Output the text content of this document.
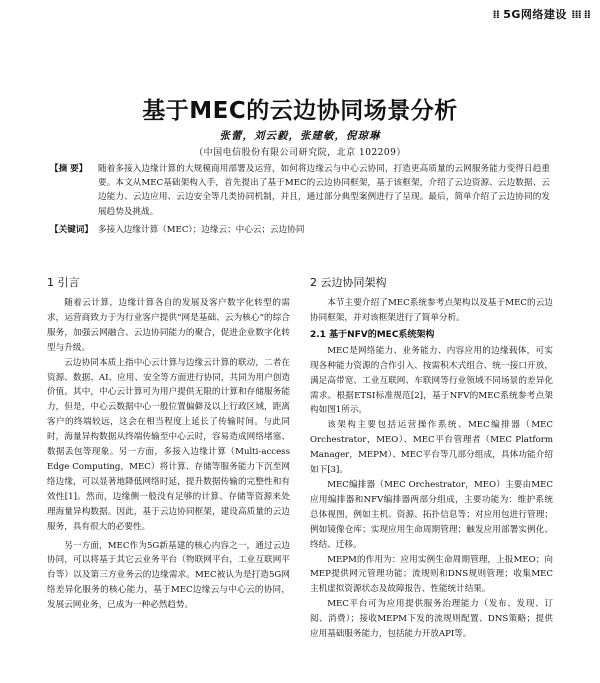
⁞⁞ 5G网络建设 ⁞⁞⁞ ⁞⁞
基于MEC的云边协同场景分析
张蕾，刘云毅，张建敏，倪琼琳
（中国电信股份有限公司研究院，北京 102209）
【摘 要】	随着多接入边缘计算的大规模商用部署及运营，如何将边缘云与中心云协同，打造更高质量的云网服务能力变得日趋重要。本文从MEC基础架构入手，首先提出了基于MEC的云边协同框架，基于该框架，介绍了云边资源、云边数据、云边能力、云边应用、云边安全等几类协同机制，并且，通过部分典型案例进行了呈现。最后，简单介绍了云边协同的发展趋势及挑战。
【关键词】 多接入边缘计算（MEC）；边缘云；中心云；云边协同
1 引言

随着云计算，边缘计算各自的发展及客户数字化转型的需求，运营商致力于为行业客户提供“网是基础、云为核心”的综合服务，加强云网融合、云边协同能力的聚合，促进企业数字化转型与升级。

云边协同本质上指中心云计算与边缘云计算的联动，二者在资源、数据、AI、应用、安全等方面进行协同，共同为用户创造价值。其中，中心云计算可为用户提供无限的计算和存储服务能力，但是，中心云数据中心一般位置偏僻及以上行政区域，距离客户的终端较远，这会在相当程度上延长了传输时间。与此同时，海量异构数据从终端传输至中心云时，容易造成网络堵塞、数据丢包等现象。另一方面，多接入边缘计算（Multi-access Edge Computing，MEC）将计算、存储等服务能力下沉至网络边缘，可以显著地降低网络时延，提升数据传输的完整性和有效性[1]。然而，边缘侧一般没有足够的计算、存储等资源来处理海量异构数据。因此，基于云边协同框架，建设高质量的云边服务，具有很大的必要性。

另一方面，MEC作为5G新基建的核心内容之一，通过云边协同，可以将基于其它云业务平台（物联网平台，工业互联网平台等）以及第三方业务云的边缘需求。MEC被认为是打造5G网络差异化服务的核心能力，基于MEC边缘云与中心云的协同，发展云网业务，已成为一种必然趋势。

2 云边协同架构

本节主要介绍了MEC系统参考点架构以及基于MEC的云边协同框架，并对该框架进行了简单分析。

2.1 基于NFV的MEC系统架构

MEC是网络能力、业务能力、内容应用的边缘载体，可实现各种能力资源的合作引入、按需积木式组合、统一接口开放，满足高带宽、工业互联网、车联网等行业领域不同场景的差异化需求。根据ETSI标准规范[2]，基于NFV的MEC系统参考点架构如图1所示。

该架构主要包括运营操作系统、MEC编排器（MEC Orchestrator，MEO）、MEC平台管理者（MEC Platform Manager，MEPM）、MEC平台等几部分组成，具体功能介绍如下[3]。

MEC编排器（MEC Orchestrator，MEO）主要由MEC应用编排器和NFV编排器两部分组成，主要功能为：维护系统总体视图，例如主机、资源、拓扑信息等；对应用包进行管理；例如镜像仓库；实现应用生命周期管理；触发应用部署实例化、终结、迁移。

MEPM的作用为：应用实例生命周期管理，上报MEO；向MEP提供网元管理功能；流规则和DNS规则管理；收集MEC主机虚拟资源状态及故障报告、性能统计结果。

MEC平台可为应用提供服务治理能力（发布、发现、订阅、消费）；接收MEPM下发的流规则配置、DNS策略；提供应用基础服务能力，包括能力开放API等。
